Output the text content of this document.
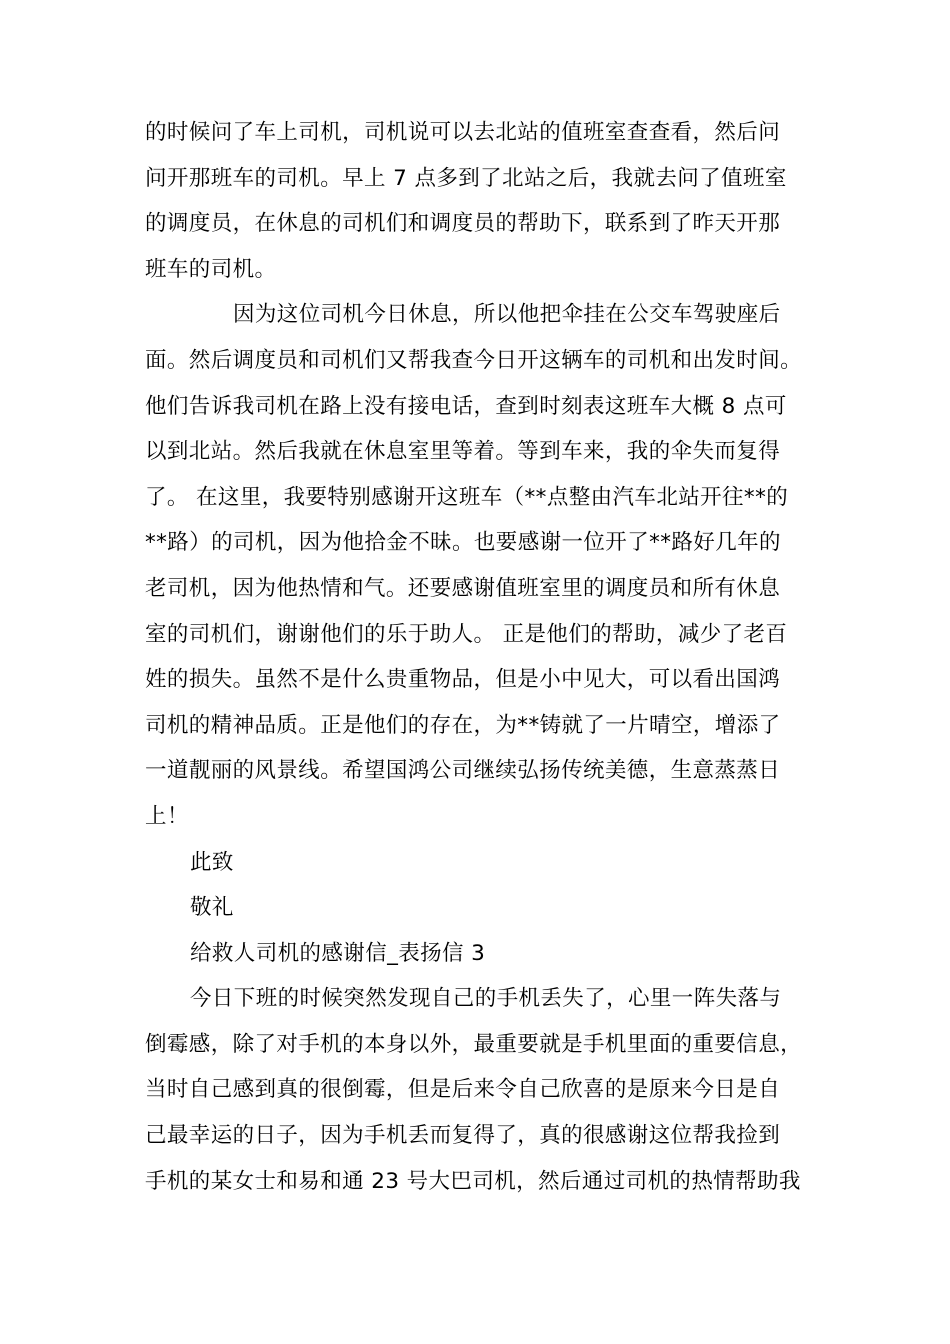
的时候问了车上司机，司机说可以去北站的值班室查查看，然后问
问开那班车的司机。早上 7 点多到了北站之后，我就去问了值班室
的调度员，在休息的司机们和调度员的帮助下，联系到了昨天开那
班车的司机。
因为这位司机今日休息，所以他把伞挂在公交车驾驶座后
面。然后调度员和司机们又帮我查今日开这辆车的司机和出发时间。
他们告诉我司机在路上没有接电话，查到时刻表这班车大概 8 点可
以到北站。然后我就在休息室里等着。等到车来，我的伞失而复得
了。 在这里，我要特别感谢开这班车（**点整由汽车北站开往**的
**路）的司机，因为他拾金不昧。也要感谢一位开了**路好几年的
老司机，因为他热情和气。还要感谢值班室里的调度员和所有休息
室的司机们，谢谢他们的乐于助人。 正是他们的帮助，减少了老百
姓的损失。虽然不是什么贵重物品，但是小中见大，可以看出国鸿
司机的精神品质。正是他们的存在，为**铸就了一片晴空，增添了
一道靓丽的风景线。希望国鸿公司继续弘扬传统美德，生意蒸蒸日
上！
此致
敬礼
给救人司机的感谢信_表扬信 3
今日下班的时候突然发现自己的手机丢失了，心里一阵失落与
倒霉感，除了对手机的本身以外，最重要就是手机里面的重要信息，
当时自己感到真的很倒霉，但是后来令自己欣喜的是原来今日是自
己最幸运的日子，因为手机丢而复得了，真的很感谢这位帮我捡到
手机的某女士和易和通 23 号大巴司机，然后通过司机的热情帮助我
